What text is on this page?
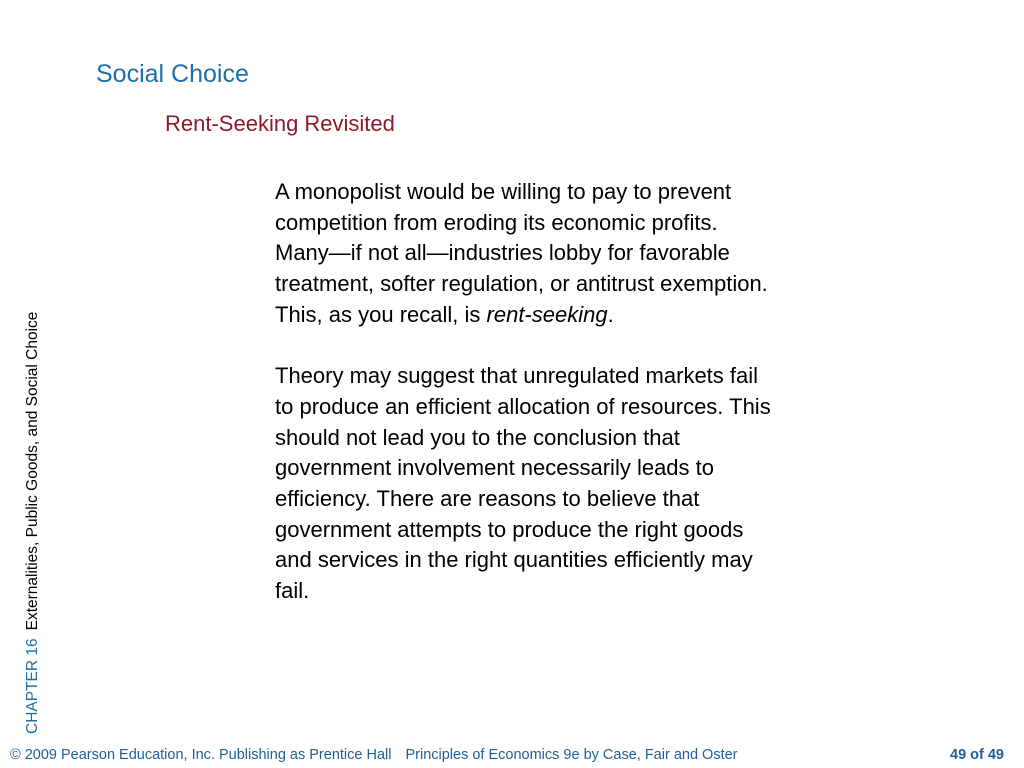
Social Choice
Rent-Seeking Revisited

A monopolist would be willing to pay to prevent
competition from eroding its economic profits.
Many—if not all—industries lobby for favorable
treatment, softer regulation, or antitrust exemption.
This, as you recall, is rent-seeking.

Theory may suggest that unregulated markets fail
to produce an efficient allocation of resources. This
should not lead you to the conclusion that
government involvement necessarily leads to
efficiency. There are reasons to believe that
government attempts to produce the right goods
and services in the right quantities efficiently may
fail.

CHAPTER 16Externalities, Public Goods, and Social Choice
© 2009 Pearson Education, Inc. Publishing as Prentice Hall Principles of Economics 9e by Case, Fair and Oster	49 of 49
